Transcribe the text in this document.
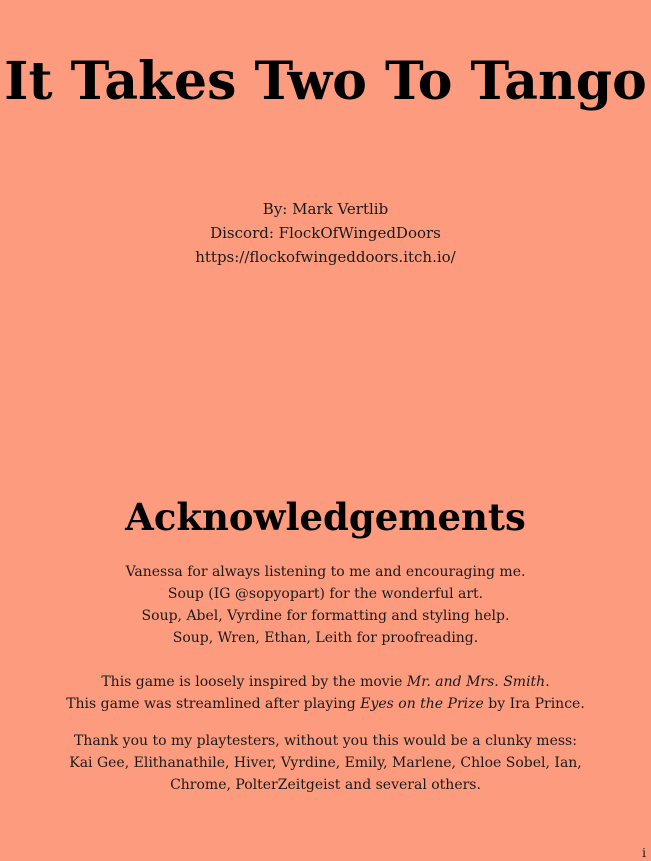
It Takes Two To Tango
By: Mark Vertlib
Discord: FlockOfWingedDoors
https://flockofwingeddoors.itch.io/
Acknowledgements
Vanessa for always listening to me and encouraging me.
Soup (IG @sopyopart) for the wonderful art.
Soup, Abel, Vyrdine for formatting and styling help.
Soup, Wren, Ethan, Leith for proofreading.
This game is loosely inspired by the movie Mr. and Mrs. Smith.
This game was streamlined after playing Eyes on the Prize by Ira Prince.
Thank you to my playtesters, without you this would be a clunky mess:
Kai Gee, Elithanathile, Hiver, Vyrdine, Emily, Marlene, Chloe Sobel, Ian,
Chrome, PolterZeitgeist and several others.
i
